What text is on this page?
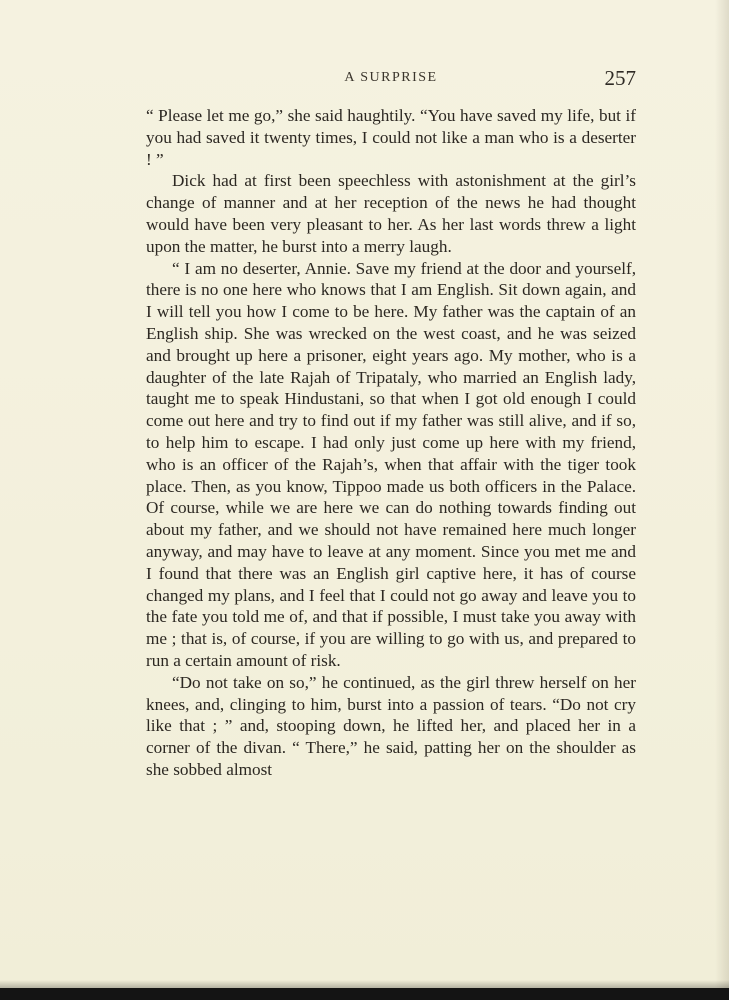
A SURPRISE	257

“ Please let me go,” she said haughtily. “You have saved my life, but if you had saved it twenty times, I could not like a man who is a deserter ! ”

Dick had at first been speechless with astonishment at the girl’s change of manner and at her reception of the news he had thought would have been very pleasant to her. As her last words threw a light upon the matter, he burst into a merry laugh.

“ I am no deserter, Annie. Save my friend at the door and yourself, there is no one here who knows that I am English. Sit down again, and I will tell you how I come to be here. My father was the captain of an English ship. She was wrecked on the west coast, and he was seized and brought up here a prisoner, eight years ago. My mother, who is a daughter of the late Rajah of Tripataly, who married an English lady, taught me to speak Hindustani, so that when I got old enough I could come out here and try to find out if my father was still alive, and if so, to help him to escape. I had only just come up here with my friend, who is an officer of the Rajah’s, when that affair with the tiger took place. Then, as you know, Tippoo made us both officers in the Palace. Of course, while we are here we can do nothing towards finding out about my father, and we should not have remained here much longer anyway, and may have to leave at any moment. Since you met me and I found that there was an English girl captive here, it has of course changed my plans, and I feel that I could not go away and leave you to the fate you told me of, and that if possible, I must take you away with me ; that is, of course, if you are willing to go with us, and prepared to run a certain amount of risk.

“Do not take on so,” he continued, as the girl threw herself on her knees, and, clinging to him, burst into a passion of tears. “Do not cry like that ; ” and, stooping down, he lifted her, and placed her in a corner of the divan. “ There,” he said, patting her on the shoulder as she sobbed almost
